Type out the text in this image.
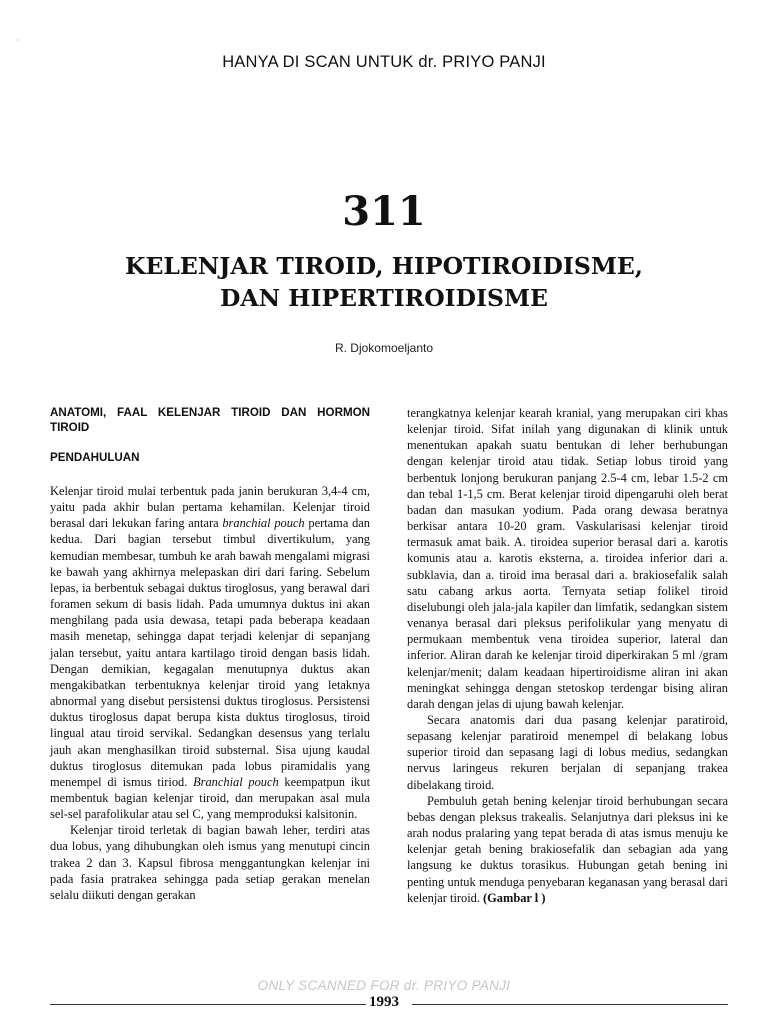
·
HANYA DI SCAN UNTUK dr. PRIYO PANJI
311
KELENJAR TIROID, HIPOTIROIDISME,
DAN HIPERTIROIDISME
R. Djokomoeljanto
ANATOMI, FAAL KELENJAR TIROID DAN HORMON TIROID
PENDAHULUAN

Kelenjar tiroid mulai terbentuk pada janin berukuran 3,4-4 cm, yaitu pada akhir bulan pertama kehamilan. Kelenjar tiroid berasal dari lekukan faring antara branchial pouch pertama dan kedua. Dari bagian tersebut timbul divertikulum, yang kemudian membesar, tumbuh ke arah bawah mengalami migrasi ke bawah yang akhirnya melepaskan diri dari faring. Sebelum lepas, ia berbentuk sebagai duktus tiroglosus, yang berawal dari foramen sekum di basis lidah. Pada umumnya duktus ini akan menghilang pada usia dewasa, tetapi pada beberapa keadaan masih menetap, sehingga dapat terjadi kelenjar di sepanjang jalan tersebut, yaitu antara kartilago tiroid dengan basis lidah. Dengan demikian, kegagalan menutupnya duktus akan mengakibatkan terbentuknya kelenjar tiroid yang letaknya abnormal yang disebut persistensi duktus tiroglosus. Persistensi duktus tiroglosus dapat berupa kista duktus tiroglosus, tiroid lingual atau tiroid servikal. Sedangkan desensus yang terlalu jauh akan menghasilkan tiroid substernal. Sisa ujung kaudal duktus tiroglosus ditemukan pada lobus piramidalis yang menempel di ismus tiriod. Branchial pouch keempatpun ikut membentuk bagian kelenjar tiroid, dan merupakan asal mula sel-sel parafolikular atau sel C, yang memproduksi kalsitonin.

Kelenjar tiroid terletak di bagian bawah leher, terdiri atas dua lobus, yang dihubungkan oleh ismus yang menutupi cincin trakea 2 dan 3. Kapsul fibrosa menggantungkan kelenjar ini pada fasia pratrakea sehingga pada setiap gerakan menelan selalu diikuti dengan gerakan

terangkatnya kelenjar kearah kranial, yang merupakan ciri khas kelenjar tiroid. Sifat inilah yang digunakan di klinik untuk menentukan apakah suatu bentukan di leher berhubungan dengan kelenjar tiroid atau tidak. Setiap lobus tiroid yang berbentuk lonjong berukuran panjang 2.5-4 cm, lebar 1.5-2 cm dan tebal 1-1,5 cm. Berat kelenjar tiroid dipengaruhi oleh berat badan dan masukan yodium. Pada orang dewasa beratnya berkisar antara 10-20 gram. Vaskularisasi kelenjar tiroid termasuk amat baik. A. tiroidea superior berasal dari a. karotis komunis atau a. karotis eksterna, a. tiroidea inferior dari a. subklavia, dan a. tiroid ima berasal dari a. brakiosefalik salah satu cabang arkus aorta. Ternyata setiap folikel tiroid diselubungi oleh jala-jala kapiler dan limfatik, sedangkan sistem venanya berasal dari pleksus perifolikular yang menyatu di permukaan membentuk vena tiroidea superior, lateral dan inferior. Aliran darah ke kelenjar tiroid diperkirakan 5 ml /gram kelenjar/menit; dalam keadaan hipertiroidisme aliran ini akan meningkat sehingga dengan stetoskop terdengar bising aliran darah dengan jelas di ujung bawah kelenjar.

Secara anatomis dari dua pasang kelenjar paratiroid, sepasang kelenjar paratiroid menempel di belakang lobus superior tiroid dan sepasang lagi di lobus medius, sedangkan nervus laringeus rekuren berjalan di sepanjang trakea dibelakang tiroid.

Pembuluh getah bening kelenjar tiroid berhubungan secara bebas dengan pleksus trakealis. Selanjutnya dari pleksus ini ke arah nodus pralaring yang tepat berada di atas ismus menuju ke kelenjar getah bening brakiosefalik dan sebagian ada yang langsung ke duktus torasikus. Hubungan getah bening ini penting untuk menduga penyebaran keganasan yang berasal dari kelenjar tiroid. (Gambar l )

ONLY SCANNED FOR dr. PRIYO PANJI
1993
